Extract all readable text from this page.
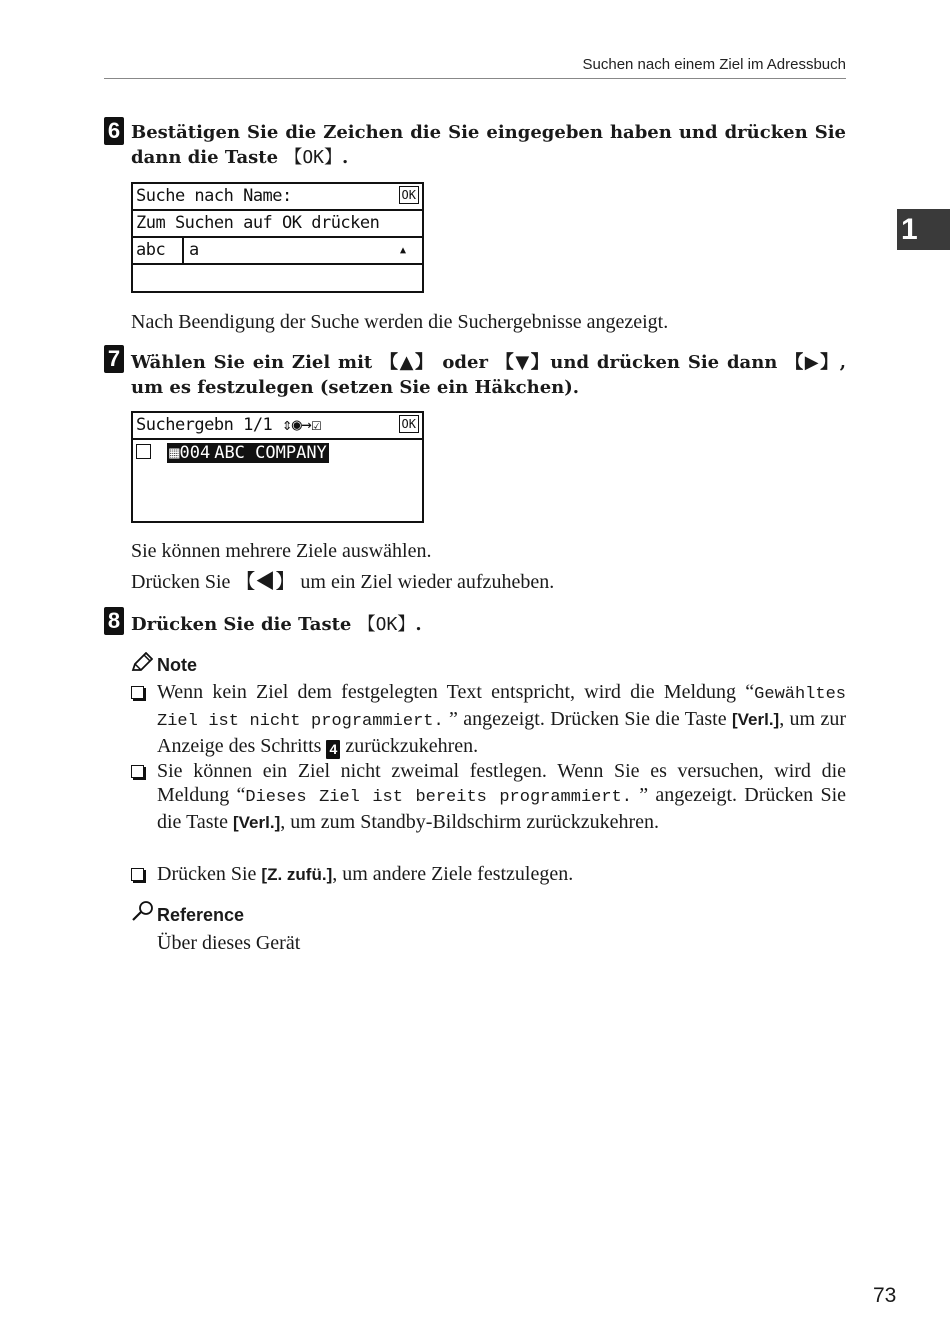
Suchen nach einem Ziel im Adressbuch
1
6 Bestätigen Sie die Zeichen die Sie eingegeben haben und drücken Sie dann die Taste 【OK】.
Suche nach Name:	OK
Zum Suchen auf OK drücken
abc a	▲
Nach Beendigung der Suche werden die Suchergebnisse angezeigt.
7 Wählen Sie ein Ziel mit 【▲】 oder 【▼】und drücken Sie dann 【▶】, um es festzulegen (setzen Sie ein Häkchen).
Suchergebn 1/1 ⇕◉→☑	OK
▦004 ABC COMPANY
Sie können mehrere Ziele auswählen.
Drücken Sie 【◀】 um ein Ziel wieder aufzuheben.
8 Drücken Sie die Taste 【OK】.
Note
Wenn kein Ziel dem festgelegten Text entspricht, wird die Meldung “Gewähltes Ziel ist nicht programmiert. ” angezeigt. Drücken Sie die Taste [Verl.], um zur Anzeige des Schritts 4 zurückzukehren.
Sie können ein Ziel nicht zweimal festlegen. Wenn Sie es versuchen, wird die Meldung “Dieses Ziel ist bereits programmiert. ” angezeigt. Drücken Sie die Taste [Verl.], um zum Standby-Bildschirm zurückzukehren.
Drücken Sie [Z. zufü.], um andere Ziele festzulegen.
Reference
Über dieses Gerät
73
